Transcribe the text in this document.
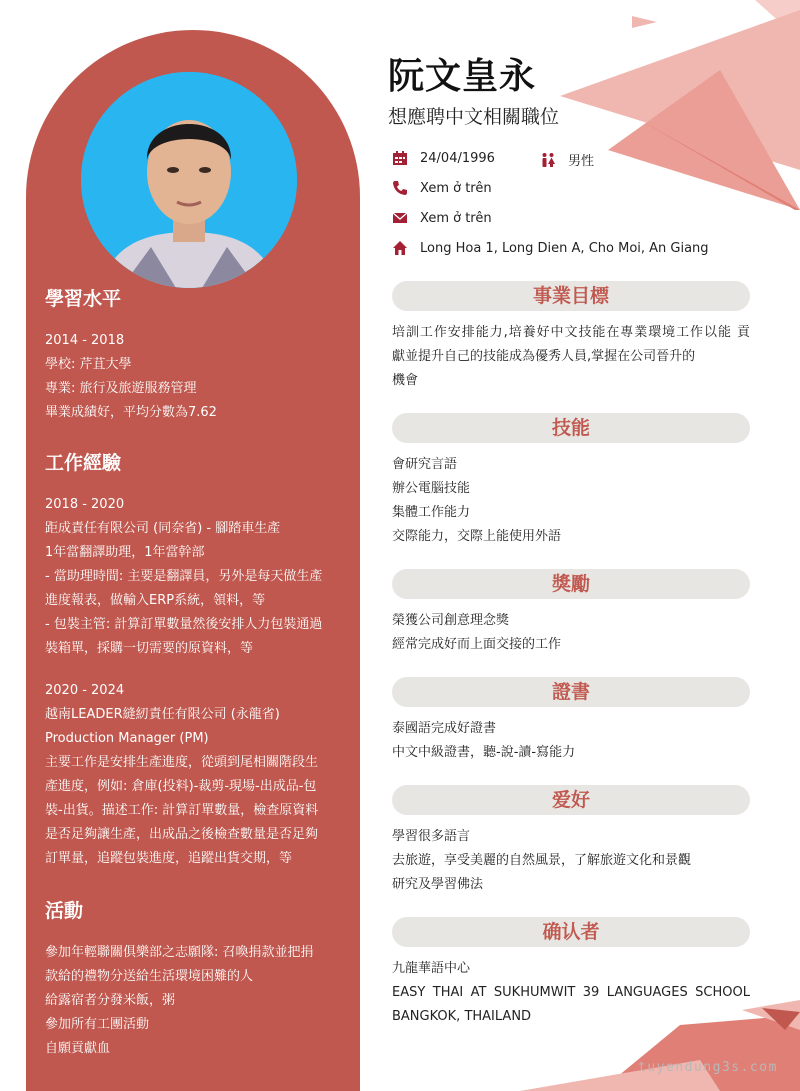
學習水平
2014 - 2018
學校: 芹苴大學
專業: 旅行及旅遊服務管理
畢業成績好，平均分數為7.62
工作經驗
2018 - 2020
距成責任有限公司 (同奈省) - 腳踏車生產
1年當翻譯助理，1年當幹部
- 當助理時間: 主要是翻譯員，另外是每天做生產
進度報表，做輸入ERP系統，領料，等
- 包裝主管: 計算訂單數量然後安排人力包裝通過
裝箱單，採購一切需要的原資料，等
2020 - 2024
越南LEADER縫紉責任有限公司 (永龍省)
Production Manager (PM)
主要工作是安排生產進度，從頭到尾相關階段生
產進度，例如: 倉庫(投料)-裁剪-現場-出成品-包
裝-出貨。描述工作: 計算訂單數量，檢查原資料
是否足夠讓生產，出成品之後檢查數量是否足夠
訂單量，追蹤包裝進度，追蹤出貨交期，等
活動
參加年輕聯關俱樂部之志願隊: 召喚捐款並把捐
款給的禮物分送給生活環境困難的人
給露宿者分發米飯，粥
參加所有工團活動
自願貢獻血
阮文皇永

想應聘中文相關職位

24/04/1996	男性
Xem ở trên
Xem ở trên
Long Hoa 1, Long Dien A, Cho Moi, An Giang
事業目標
培訓工作安排能力,培養好中文技能在專業環境工作以能 貢
獻並提升自己的技能成為優秀人員,掌握在公司晉升的
機會
技能
會研究言語
辦公電腦技能
集體工作能力
交際能力，交際上能使用外語
獎勵
榮獲公司創意理念獎
經常完成好而上面交接的工作
證書
泰國語完成好證書
中文中級證書，聽-說-讀-寫能力
爱好
學習很多語言
去旅遊，享受美麗的自然風景，了解旅遊文化和景觀
研究及學習佛法
确认者
九龍華語中心
EASY THAI AT SUKHUMWIT 39 LANGUAGES SCHOOL
BANGKOK, THAILAND
tuyendung3s.com
